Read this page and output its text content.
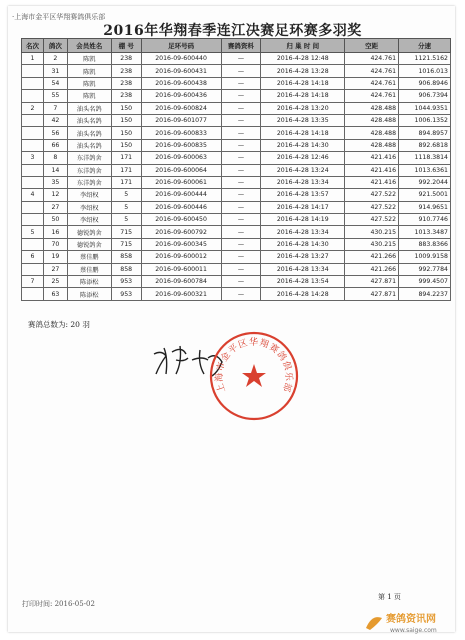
·上海市金平区华翔赛鸽俱乐部
2016年华翔春季连江决赛足环赛多羽奖
名次	鸽次	会员姓名	棚 号	足环号码	赛鸽资料	归 巢 时 间	空距	分速
1	2	陈凯	238	2016-09-600440	—	2016-4-28 12:48	424.761	1121.5162
	31	陈凯	238	2016-09-600431	—	2016-4-28 13:28	424.761	1016.013
	54	陈凯	238	2016-09-600438	—	2016-4-28 14:18	424.761	906.8946
	55	陈凯	238	2016-09-600436	—	2016-4-28 14:18	424.761	906.7394
2	7	油头名鸽	150	2016-09-600824	—	2016-4-28 13:20	428.488	1044.9351
	42	油头名鸽	150	2016-09-601077	—	2016-4-28 13:35	428.488	1006.1352
	56	油头名鸽	150	2016-09-600833	—	2016-4-28 14:18	428.488	894.8957
	66	油头名鸽	150	2016-09-600835	—	2016-4-28 14:30	428.488	892.6818
3	8	东洋鸽舍	171	2016-09-600063	—	2016-4-28 12:46	421.416	1118.3814
	14	东洋鸽舍	171	2016-09-600064	—	2016-4-28 13:24	421.416	1013.6361
	35	东洋鸽舍	171	2016-09-600061	—	2016-4-28 13:34	421.416	992.2044
4	12	李绍权	5	2016-09-600444	—	2016-4-28 13:57	427.522	921.5001
	27	李绍权	5	2016-09-600446	—	2016-4-28 14:17	427.522	914.9651
	50	李绍权	5	2016-09-600450	—	2016-4-28 14:19	427.522	910.7746
5	16	德锐鸽舍	715	2016-09-600792	—	2016-4-28 13:34	430.215	1013.3487
	70	德锐鸽舍	715	2016-09-600345	—	2016-4-28 14:30	430.215	883.8366
6	19	蔡佳鹏	858	2016-09-600012	—	2016-4-28 13:27	421.266	1009.9158
	27	蔡佳鹏	858	2016-09-600011	—	2016-4-28 13:34	421.266	992.7784
7	25	陈添松	953	2016-09-600784	—	2016-4-28 13:54	427.871	999.4507
	63	陈添松	953	2016-09-600321	—	2016-4-28 14:28	427.871	894.2237
赛鸽总数为: 20 羽
上海市金平区华翔赛鸽俱乐部
打印时间: 2016-05-02
第 1 页
赛鸽资讯网
www.saige.com
